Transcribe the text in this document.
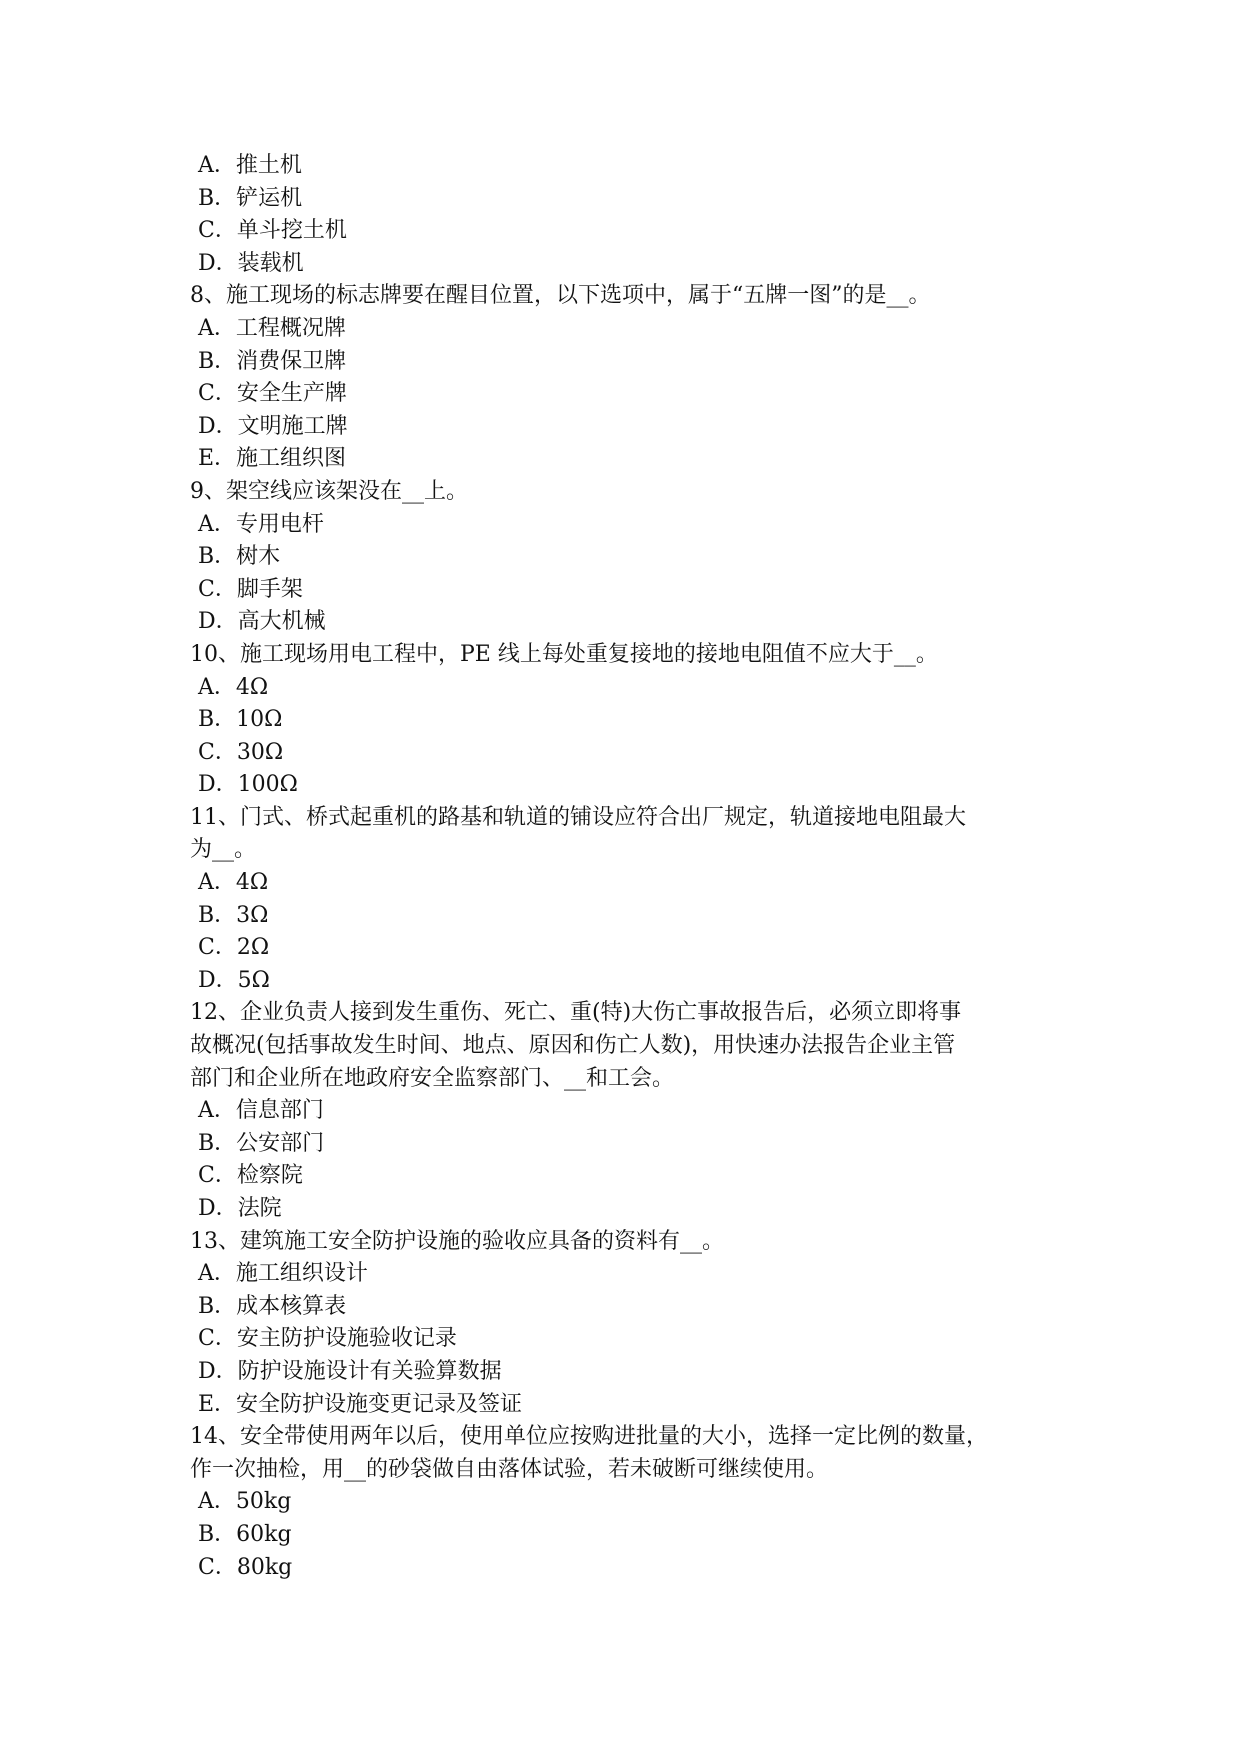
A．推土机
B．铲运机
C．单斗挖土机
D．装载机
8、施工现场的标志牌要在醒目位置，以下选项中，属于“五牌一图”的是__。
A．工程概况牌
B．消费保卫牌
C．安全生产牌
D．文明施工牌
E．施工组织图
9、架空线应该架没在__上。
A．专用电杆
B．树木
C．脚手架
D．高大机械
10、施工现场用电工程中，PE 线上每处重复接地的接地电阻值不应大于__。
A．4Ω
B．10Ω
C．30Ω
D．100Ω
11、门式、桥式起重机的路基和轨道的铺设应符合出厂规定，轨道接地电阻最大
为__。
A．4Ω
B．3Ω
C．2Ω
D．5Ω
12、企业负责人接到发生重伤、死亡、重(特)大伤亡事故报告后，必须立即将事
故概况(包括事故发生时间、地点、原因和伤亡人数)，用快速办法报告企业主管
部门和企业所在地政府安全监察部门、__和工会。
A．信息部门
B．公安部门
C．检察院
D．法院
13、建筑施工安全防护设施的验收应具备的资料有__。
A．施工组织设计
B．成本核算表
C．安主防护设施验收记录
D．防护设施设计有关验算数据
E．安全防护设施变更记录及签证
14、安全带使用两年以后，使用单位应按购进批量的大小，选择一定比例的数量，
作一次抽检，用__的砂袋做自由落体试验，若未破断可继续使用。
A．50kg
B．60kg
C．80kg
